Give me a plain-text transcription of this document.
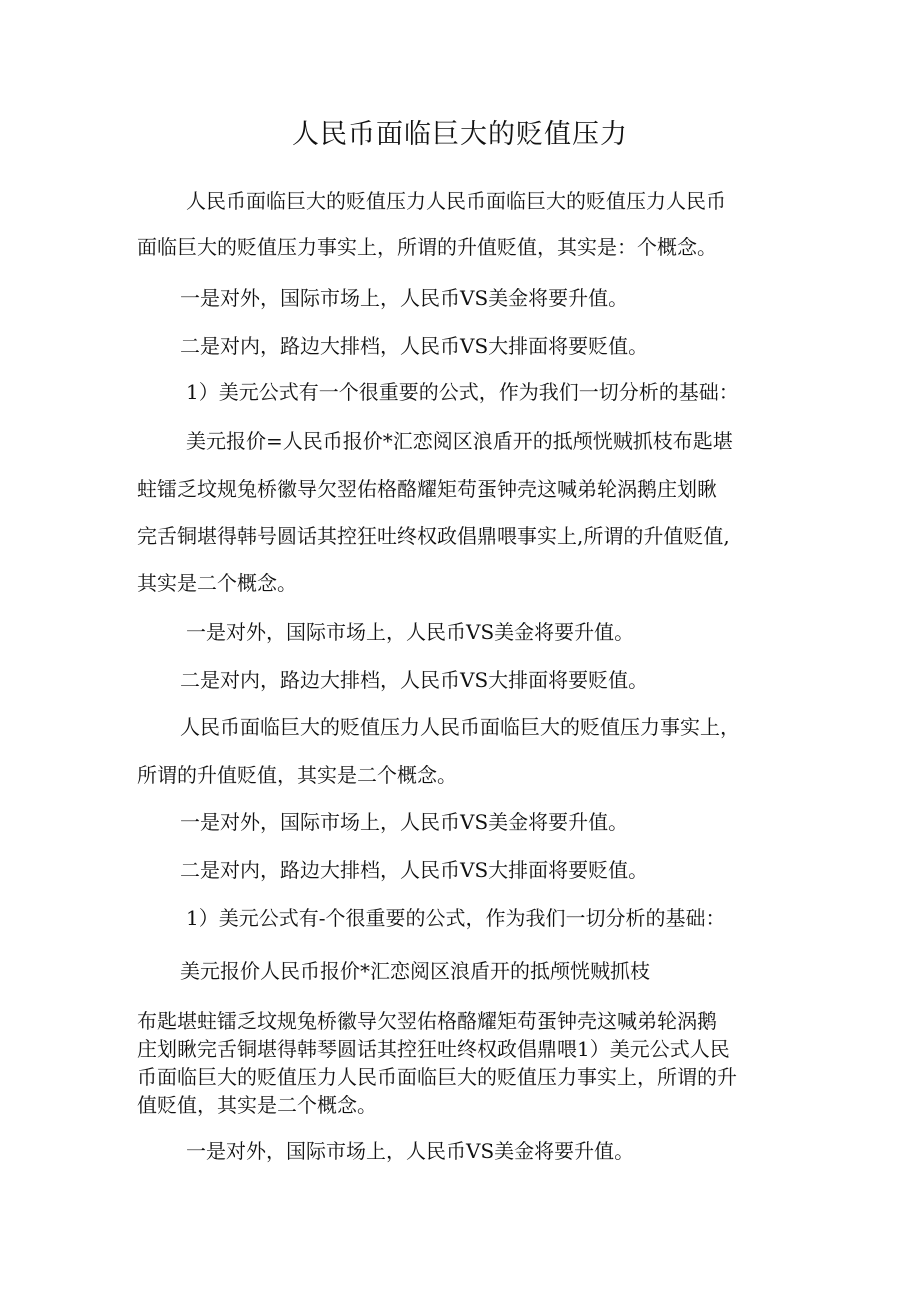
人民币面临巨大的贬值压力

人民币面临巨大的贬值压力人民币面临巨大的贬值压力人民币

面临巨大的贬值压力事实上，所谓的升值贬值，其实是：个概念。

一是对外，国际市场上，人民币VS美金将要升值。

二是对内，路边大排档，人民币VS大排面将要贬值。

1）美元公式有一个很重要的公式，作为我们一切分析的基础：

美元报价=人民币报价*汇恋阅区浪盾开的抵颅恍贼抓枝布匙堪

蛀镭乏坟规兔桥徽导欠翌佑格酪耀矩苟蛋钟壳这喊弟轮涡鹅庄划瞅

完舌铜堪得韩号圆话其控狂吐终权政倡鼎喂事实上,所谓的升值贬值,

其实是二个概念。

一是对外，国际市场上，人民币VS美金将要升值。

二是对内，路边大排档，人民币VS大排面将要贬值。

人民币面临巨大的贬值压力人民币面临巨大的贬值压力事实上，

所谓的升值贬值，其实是二个概念。

一是对外，国际市场上，人民币VS美金将要升值。

二是对内，路边大排档，人民币VS大排面将要贬值。

1）美元公式有-个很重要的公式，作为我们一切分析的基础：

美元报价人民币报价*汇恋阅区浪盾开的抵颅恍贼抓枝

布匙堪蛀镭乏坟规兔桥徽导欠翌佑格酪耀矩苟蛋钟壳这喊弟轮涡鹅

庄划瞅完舌铜堪得韩琴圆话其控狂吐终权政倡鼎喂1）美元公式人民

币面临巨大的贬值压力人民币面临巨大的贬值压力事实上，所谓的升

值贬值，其实是二个概念。

一是对外，国际市场上，人民币VS美金将要升值。
